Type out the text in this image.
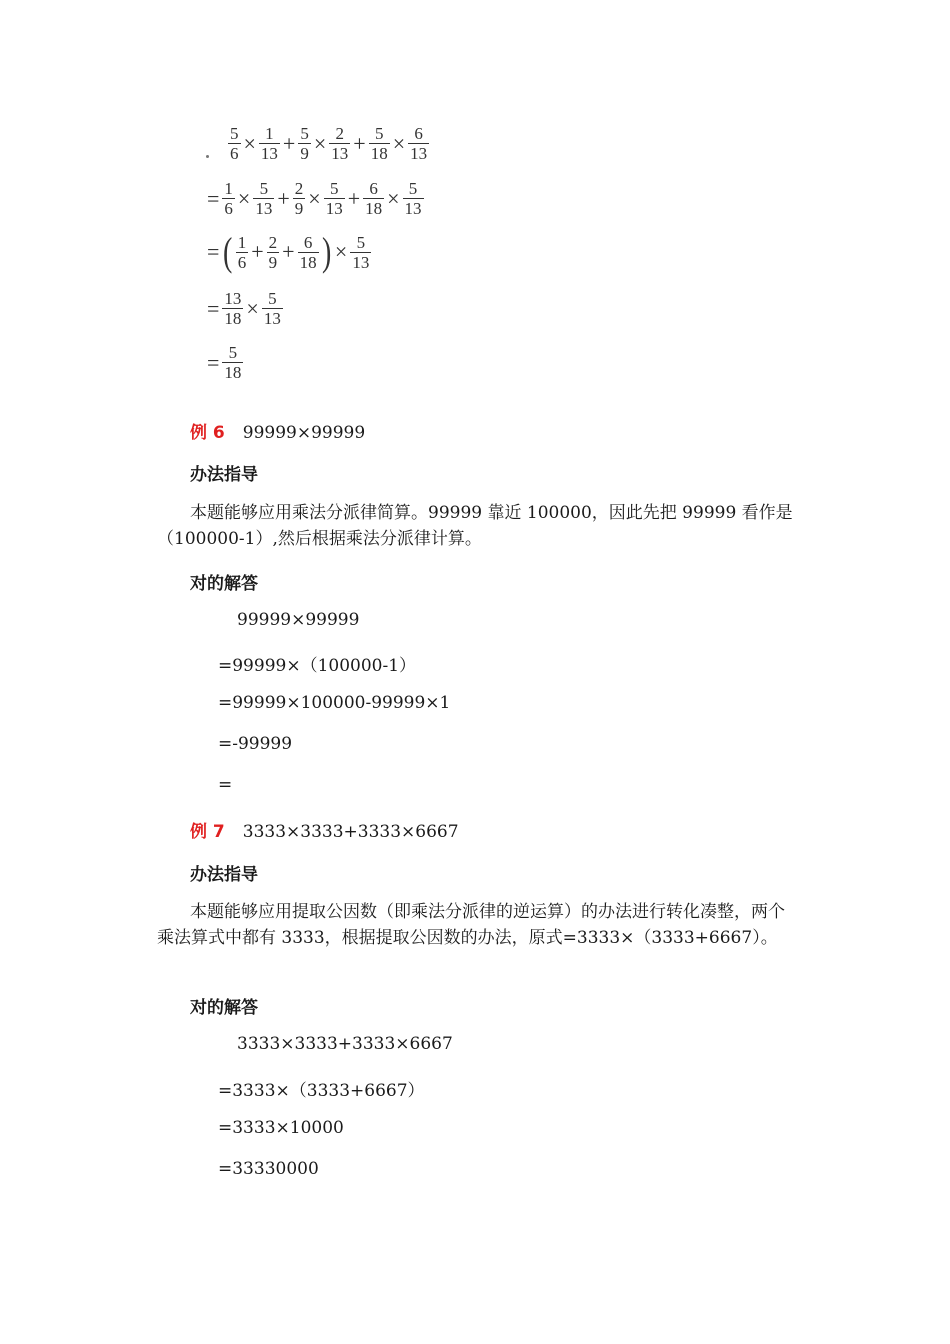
$\frac{5}{6} \times \frac{1}{13} + \frac{5}{9} \times \frac{2}{13} + \frac{5}{18} \times \frac{6}{13}$
= $\frac{1}{6} \times \frac{5}{13} + \frac{2}{9} \times \frac{5}{13} + \frac{6}{18} \times \frac{5}{13}$
= ( $\frac{1}{6} + \frac{2}{9} + \frac{6}{18}$ ) × $\frac{5}{13}$
= $\frac{13}{18} \times \frac{5}{13}$
= $\frac{5}{18}$
例 6 99999×99999
办法指导
本题能够应用乘法分派律简算。99999 靠近 100000，因此先把 99999 看作是（100000-1）,然后根据乘法分派律计算。
对的解答
99999×99999
=99999×（100000-1）
=99999×100000-99999×1
=-99999
=
例 7 3333×3333+3333×6667
办法指导
本题能够应用提取公因数（即乘法分派律的逆运算）的办法进行转化凑整，两个乘法算式中都有 3333，根据提取公因数的办法，原式=3333×（3333+6667）。
对的解答
3333×3333+3333×6667
=3333×（3333+6667）
=3333×10000
=33330000
